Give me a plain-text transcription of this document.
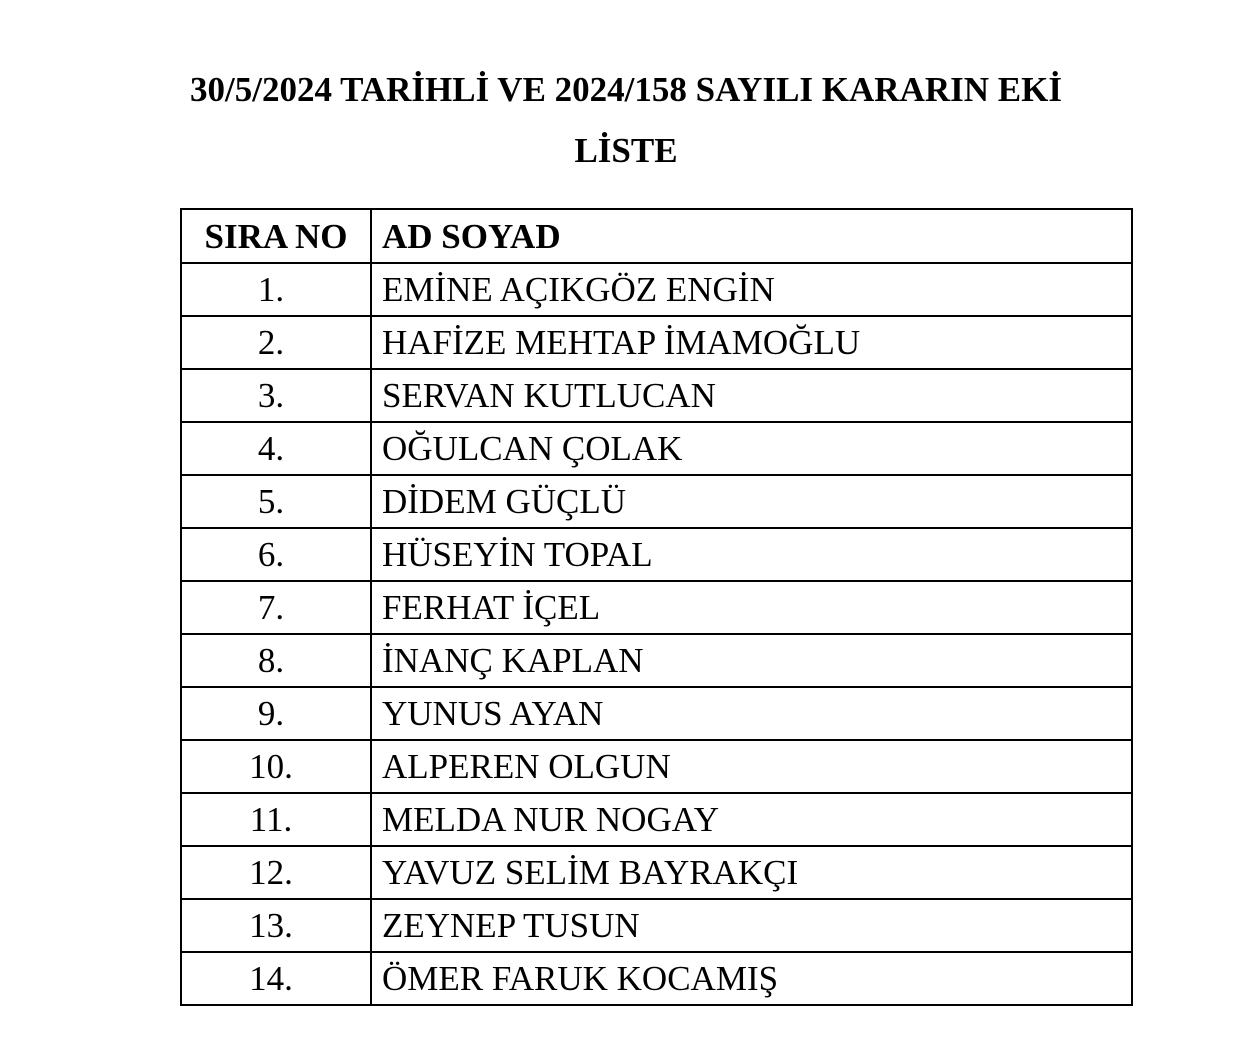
30/5/2024 TARİHLİ VE 2024/158 SAYILI KARARIN EKİ
LİSTE
SIRA NO	AD SOYAD
1.	EMİNE AÇIKGÖZ ENGİN
2.	HAFİZE MEHTAP İMAMOĞLU
3.	SERVAN KUTLUCAN
4.	OĞULCAN ÇOLAK
5.	DİDEM GÜÇLÜ
6.	HÜSEYİN TOPAL
7.	FERHAT İÇEL
8.	İNANÇ KAPLAN
9.	YUNUS AYAN
10.	ALPEREN OLGUN
11.	MELDA NUR NOGAY
12.	YAVUZ SELİM BAYRAKÇI
13.	ZEYNEP TUSUN
14.	ÖMER FARUK KOCAMIŞ
